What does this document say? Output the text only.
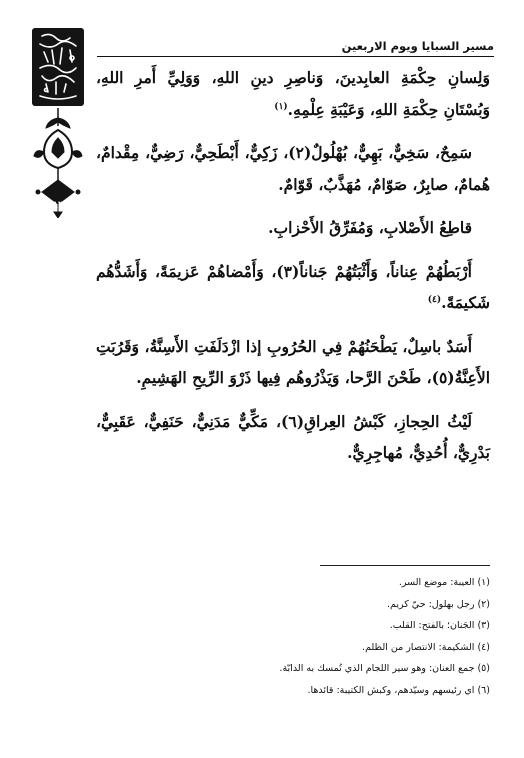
٨٣
مسير السبايا ويوم الاربعين

وَلِسانِ حِكْمَةِ العابِدينَ، وَناصِرِ دينِ اللهِ، وَوَلِيِّ أَمرِ اللهِ، وَبُسْتَانِ حِكْمَةِ اللهِ، وَعَيْبَةِ عِلْمِهِ.$^{(١)}$

سَمِحٌ، سَخِيٌّ، بَهِيٌّ، بُهْلُولٌ(٢)، زَكِيٌّ، أَبْطَحِيٌّ، رَضِيٌّ، مِقْدامٌ، هُمامٌ، صابِرٌ، صَوّامٌ، مُهَذَّبٌ، قَوّامٌ.

قاطِعُ الأَصْلابِ، وَمُفَرِّقُ الأَحْزابِ.

أَرْبَطُهُمْ عِناناً، وَأَثْبَتُهُمْ جَناناً(٣)، وَأَمْضاهُمْ عَزيمَةً، وَأَشَدُّهُم شَكيمَةً.$^{(٤)}$

أَسَدٌ باسِلٌ، يَطْحَنُهُمْ فِي الحُرُوبِ إذا ازْدَلَفَتِ الأَسِنَّةُ، وَقَرُبَتِ الأَعِنَّةُ(٥)، طَحْنَ الرَّحا، وَيَذْرُوهُم فِيها ذَرْوَ الرِّيحِ الهَشِيمِ.

لَيْثُ الحِجازِ، كَبْشُ العِراقِ(٦)، مَكِّيٌّ مَدَنِيٌّ، حَنَفِيٌّ، عَقَبِيٌّ، بَدْرِيٌّ، أُحُدِيٌّ، مُهاجِرِيٌّ.

(١) العيبة: موضع السر.
(٢) رجل بهلول: حيّ كريم.
(٣) الجَنان؛ بالفتح: القلب.
(٤) الشكيمة: الانتصار من الظلم.
(٥) جمع العنان: وهو سير اللجام الذي تُمسك به الدابّة.
(٦) اي رئيسهم وسيّدهم، وكبش الكتيبة: قائدها.
